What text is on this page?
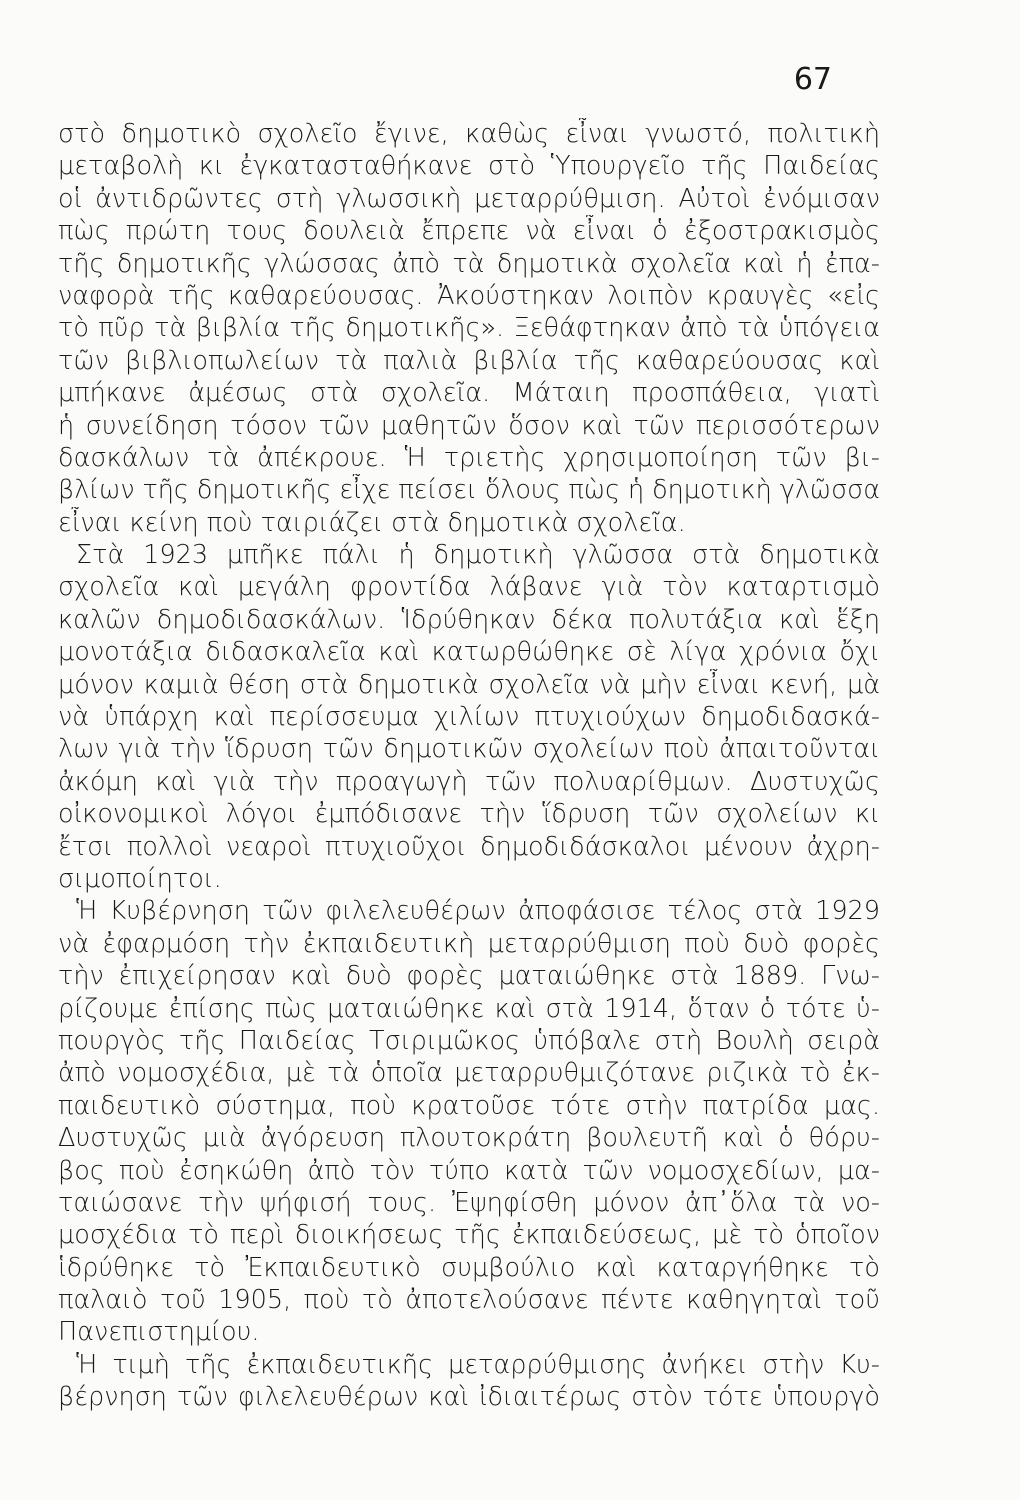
67
στὸ δημοτικὸ σχολεῖο ἔγινε, καθὼς εἶναι γνωστό, πολιτικὴ
μεταβολὴ κι ἐγκατασταθήκανε στὸ Ὑπουργεῖο τῆς Παιδείας
οἱ ἀντιδρῶντες στὴ γλωσσικὴ μεταρρύθμιση. Αὐτοὶ ἐνόμισαν
πὼς πρώτη τους δουλειὰ ἔπρεπε νὰ εἶναι ὁ ἐξοστρακισμὸς
τῆς δημοτικῆς γλώσσας ἀπὸ τὰ δημοτικὰ σχολεῖα καὶ ἡ ἐπα-
ναφορὰ τῆς καθαρεύουσας. Ἀκούστηκαν λοιπὸν κραυγὲς «εἰς
τὸ πῦρ τὰ βιβλία τῆς δημοτικῆς». Ξεθάφτηκαν ἀπὸ τὰ ὑπόγεια
τῶν βιβλιοπωλείων τὰ παλιὰ βιβλία τῆς καθαρεύουσας καὶ
μπήκανε ἀμέσως στὰ σχολεῖα. Μάταιη προσπάθεια, γιατὶ
ἡ συνείδηση τόσον τῶν μαθητῶν ὅσον καὶ τῶν περισσότερων
δασκάλων τὰ ἀπέκρουε. Ἡ τριετὴς χρησιμοποίηση τῶν βι-
βλίων τῆς δημοτικῆς εἶχε πείσει ὅλους πὼς ἡ δημοτικὴ γλῶσσα
εἶναι κείνη ποὺ ταιριάζει στὰ δημοτικὰ σχολεῖα.
Στὰ 1923 μπῆκε πάλι ἡ δημοτικὴ γλῶσσα στὰ δημοτικὰ
σχολεῖα καὶ μεγάλη φροντίδα λάβανε γιὰ τὸν καταρτισμὸ
καλῶν δημοδιδασκάλων. Ἱδρύθηκαν δέκα πολυτάξια καὶ ἕξη
μονοτάξια διδασκαλεῖα καὶ κατωρθώθηκε σὲ λίγα χρόνια ὄχι
μόνον καμιὰ θέση στὰ δημοτικὰ σχολεῖα νὰ μὴν εἶναι κενή, μὰ
νὰ ὑπάρχη καὶ περίσσευμα χιλίων πτυχιούχων δημοδιδασκά-
λων γιὰ τὴν ἵδρυση τῶν δημοτικῶν σχολείων ποὺ ἀπαιτοῦνται
ἀκόμη καὶ γιὰ τὴν προαγωγὴ τῶν πολυαρίθμων. Δυστυχῶς
οἰκονομικοὶ λόγοι ἐμπόδισανε τὴν ἵδρυση τῶν σχολείων κι
ἔτσι πολλοὶ νεαροὶ πτυχιοῦχοι δημοδιδάσκαλοι μένουν ἀχρη-
σιμοποίητοι.
Ἡ Κυβέρνηση τῶν φιλελευθέρων ἀποφάσισε τέλος στὰ 1929
νὰ ἐφαρμόση τὴν ἐκπαιδευτικὴ μεταρρύθμιση ποὺ δυὸ φορὲς
τὴν ἐπιχείρησαν καὶ δυὸ φορὲς ματαιώθηκε στὰ 1889. Γνω-
ρίζουμε ἐπίσης πὼς ματαιώθηκε καὶ στὰ 1914, ὅταν ὁ τότε ὑ-
πουργὸς τῆς Παιδείας Τσιριμῶκος ὑπόβαλε στὴ Βουλὴ σειρὰ
ἀπὸ νομοσχέδια, μὲ τὰ ὁποῖα μεταρρυθμιζότανε ριζικὰ τὸ ἐκ-
παιδευτικὸ σύστημα, ποὺ κρατοῦσε τότε στὴν πατρίδα μας.
Δυστυχῶς μιὰ ἀγόρευση πλουτοκράτη βουλευτῆ καὶ ὁ θόρυ-
βος ποὺ ἐσηκώθη ἀπὸ τὸν τύπο κατὰ τῶν νομοσχεδίων, μα-
ταιώσανε τὴν ψήφισή τους. Ἐψηφίσθη μόνον ἀπ᾽ὅλα τὰ νο-
μοσχέδια τὸ περὶ διοικήσεως τῆς ἐκπαιδεύσεως, μὲ τὸ ὁποῖον
ἱδρύθηκε τὸ Ἐκπαιδευτικὸ συμβούλιο καὶ καταργήθηκε τὸ
παλαιὸ τοῦ 1905, ποὺ τὸ ἀποτελούσανε πέντε καθηγηταὶ τοῦ
Πανεπιστημίου.
Ἡ τιμὴ τῆς ἐκπαιδευτικῆς μεταρρύθμισης ἀνήκει στὴν Κυ-
βέρνηση τῶν φιλελευθέρων καὶ ἰδιαιτέρως στὸν τότε ὑπουργὸ
